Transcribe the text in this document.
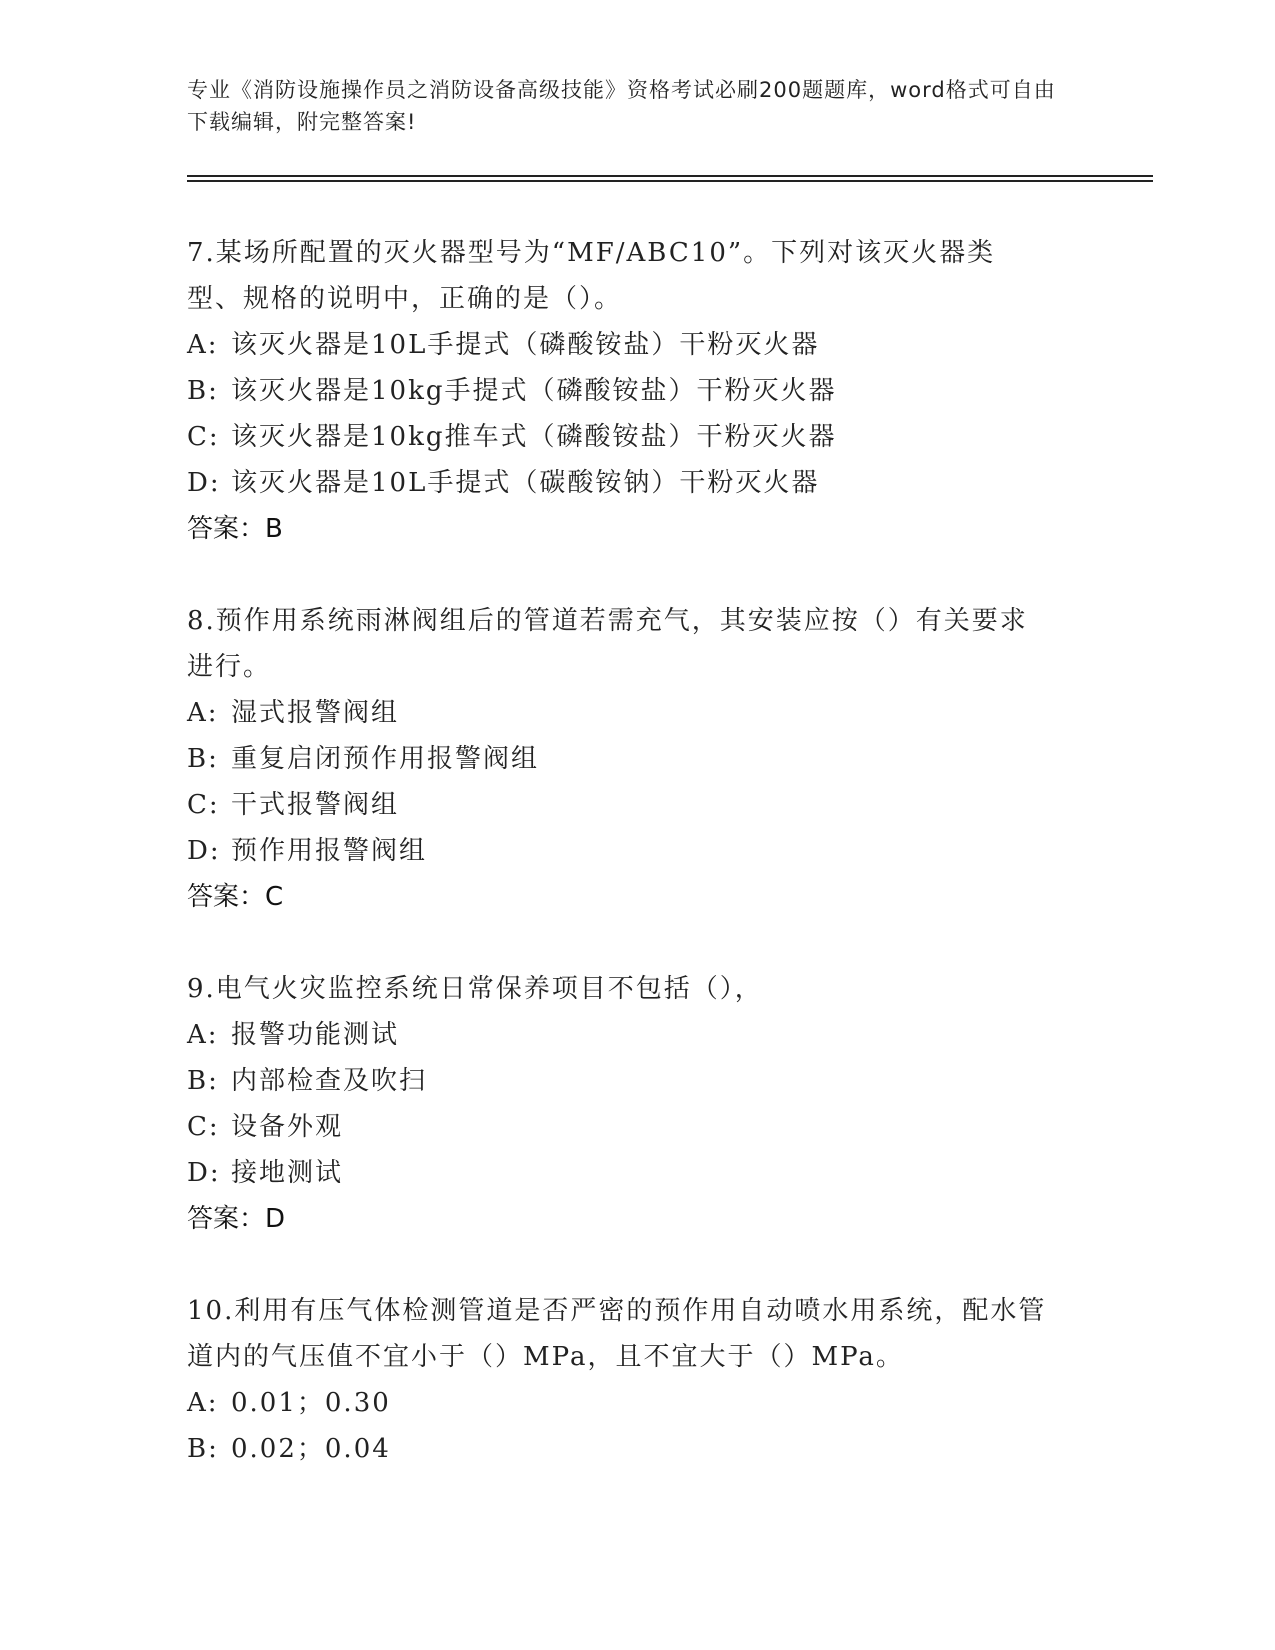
专业《消防设施操作员之消防设备高级技能》资格考试必刷200题题库，word格式可自由下载编辑，附完整答案!

7.某场所配置的灭火器型号为“MF/ABC10”。下列对该灭火器类型、规格的说明中，正确的是（）。

A: 该灭火器是10L手提式（磷酸铵盐）干粉灭火器

B: 该灭火器是10kg手提式（磷酸铵盐）干粉灭火器

C: 该灭火器是10kg推车式（磷酸铵盐）干粉灭火器

D: 该灭火器是10L手提式（碳酸铵钠）干粉灭火器

答案：B

8.预作用系统雨淋阀组后的管道若需充气，其安装应按（）有关要求进行。

A: 湿式报警阀组

B: 重复启闭预作用报警阀组

C: 干式报警阀组

D: 预作用报警阀组

答案：C

9.电气火灾监控系统日常保养项目不包括（），

A: 报警功能测试

B: 内部检查及吹扫

C: 设备外观

D: 接地测试

答案：D

10.利用有压气体检测管道是否严密的预作用自动喷水用系统，配水管道内的气压值不宜小于（）MPa，且不宜大于（）MPa。

A: 0.01；0.30

B: 0.02；0.04
